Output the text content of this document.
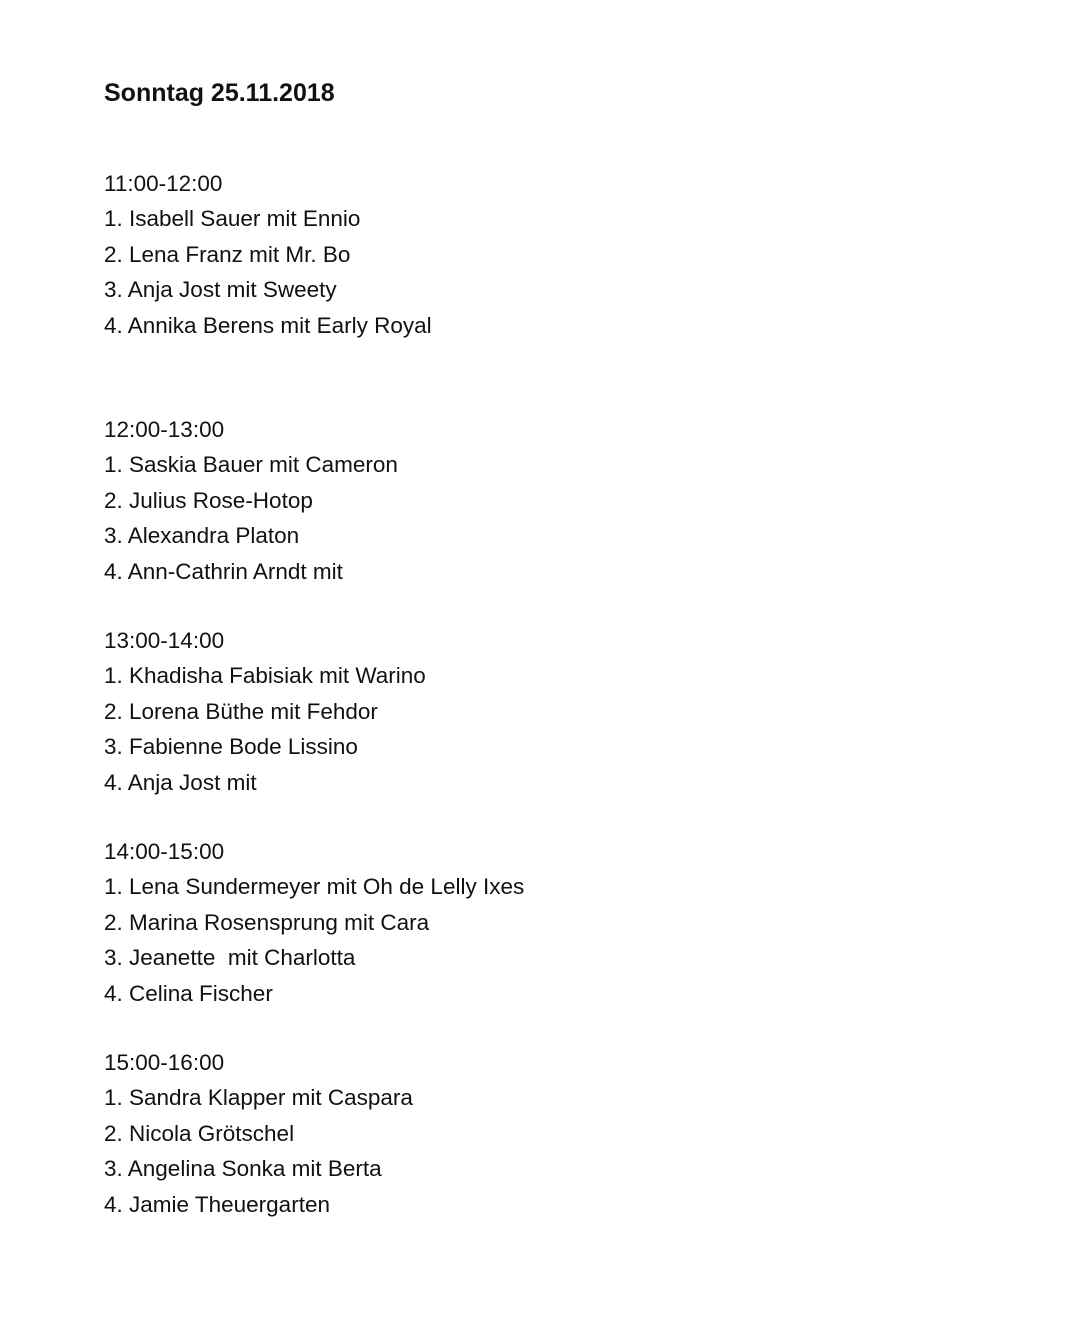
Sonntag 25.11.2018
11:00-12:00
1. Isabell Sauer mit Ennio
2. Lena Franz mit Mr. Bo
3. Anja Jost mit Sweety
4. Annika Berens mit Early Royal
12:00-13:00
1. Saskia Bauer mit Cameron
2. Julius Rose-Hotop
3. Alexandra Platon
4. Ann-Cathrin Arndt mit
13:00-14:00
1. Khadisha Fabisiak mit Warino
2. Lorena Büthe mit Fehdor
3. Fabienne Bode Lissino
4. Anja Jost mit
14:00-15:00
1. Lena Sundermeyer mit Oh de Lelly Ixes
2. Marina Rosensprung mit Cara
3. Jeanette  mit Charlotta
4. Celina Fischer
15:00-16:00
1. Sandra Klapper mit Caspara
2. Nicola Grötschel
3. Angelina Sonka mit Berta
4. Jamie Theuergarten
